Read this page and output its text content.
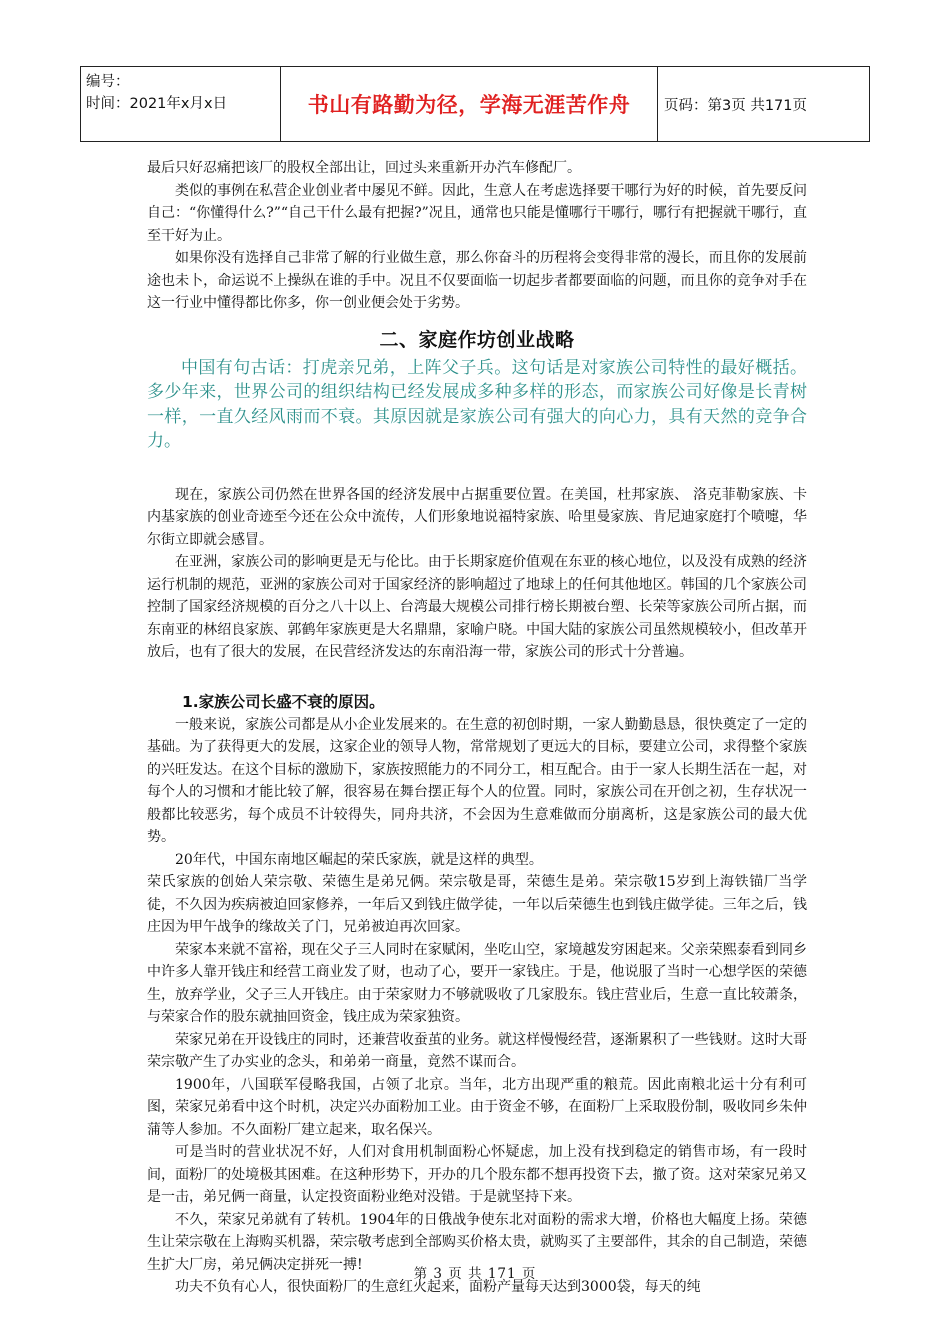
编号：
时间：2021年x月x日	书山有路勤为径，学海无涯苦作舟	页码：第3页 共171页

最后只好忍痛把该厂的股权全部出让，回过头来重新开办汽车修配厂。

类似的事例在私营企业创业者中屡见不鲜。因此，生意人在考虑选择要干哪行为好的时候，首先要反问自己：“你懂得什么?”“自己干什么最有把握?”况且，通常也只能是懂哪行干哪行，哪行有把握就干哪行，直至干好为止。

如果你没有选择自己非常了解的行业做生意，那么你奋斗的历程将会变得非常的漫长，而且你的发展前途也未卜，命运说不上操纵在谁的手中。况且不仅要面临一切起步者都要面临的问题，而且你的竞争对手在这一行业中懂得都比你多，你一创业便会处于劣势。

二、家庭作坊创业战略
中国有句古话：打虎亲兄弟，上阵父子兵。这句话是对家族公司特性的最好概括。多少年来，世界公司的组织结构已经发展成多种多样的形态，而家族公司好像是长青树一样，一直久经风雨而不衰。其原因就是家族公司有强大的向心力，具有天然的竞争合力。

现在，家族公司仍然在世界各国的经济发展中占据重要位置。在美国，杜邦家族、 洛克菲勒家族、卡内基家族的创业奇迹至今还在公众中流传，人们形象地说福特家族、哈里曼家族、肯尼迪家庭打个喷嚏，华尔街立即就会感冒。

在亚洲，家族公司的影响更是无与伦比。由于长期家庭价值观在东亚的核心地位，以及没有成熟的经济运行机制的规范，亚洲的家族公司对于国家经济的影响超过了地球上的任何其他地区。韩国的几个家族公司控制了国家经济规模的百分之八十以上、台湾最大规模公司排行榜长期被台塑、长荣等家族公司所占据，而东南亚的林绍良家族、郭鹤年家族更是大名鼎鼎，家喻户晓。中国大陆的家族公司虽然规模较小，但改革开放后，也有了很大的发展，在民营经济发达的东南沿海一带，家族公司的形式十分普遍。

1.家族公司长盛不衰的原因。

一般来说，家族公司都是从小企业发展来的。在生意的初创时期，一家人勤勤恳恳，很快奠定了一定的基础。为了获得更大的发展，这家企业的领导人物，常常规划了更远大的目标，要建立公司，求得整个家族的兴旺发达。在这个目标的激励下，家族按照能力的不同分工，相互配合。由于一家人长期生活在一起，对每个人的习惯和才能比较了解，很容易在舞台摆正每个人的位置。同时，家族公司在开创之初，生存状况一般都比较恶劣，每个成员不计较得失，同舟共济，不会因为生意难做而分崩离析，这是家族公司的最大优势。

20年代，中国东南地区崛起的荣氏家族，就是这样的典型。

荣氏家族的创始人荣宗敬、荣德生是弟兄俩。荣宗敬是哥，荣德生是弟。荣宗敬15岁到上海铁锚厂当学徒，不久因为疾病被迫回家修养，一年后又到钱庄做学徒，一年以后荣德生也到钱庄做学徒。三年之后，钱庄因为甲午战争的缘故关了门，兄弟被迫再次回家。

荣家本来就不富裕，现在父子三人同时在家赋闲，坐吃山空，家境越发穷困起来。父亲荣熙泰看到同乡中许多人靠开钱庄和经营工商业发了财，也动了心，要开一家钱庄。于是，他说服了当时一心想学医的荣德生，放弃学业，父子三人开钱庄。由于荣家财力不够就吸收了几家股东。钱庄营业后，生意一直比较萧条，与荣家合作的股东就抽回资金，钱庄成为荣家独资。

荣家兄弟在开设钱庄的同时，还兼营收蚕茧的业务。就这样慢慢经营，逐渐累积了一些钱财。这时大哥荣宗敬产生了办实业的念头，和弟弟一商量，竟然不谋而合。

1900年，八国联军侵略我国，占领了北京。当年，北方出现严重的粮荒。因此南粮北运十分有利可图，荣家兄弟看中这个时机，决定兴办面粉加工业。由于资金不够，在面粉厂上采取股份制，吸收同乡朱仲蒲等人参加。不久面粉厂建立起来，取名保兴。

可是当时的营业状况不好，人们对食用机制面粉心怀疑虑，加上没有找到稳定的销售市场，有一段时间，面粉厂的处境极其困难。在这种形势下，开办的几个股东都不想再投资下去，撤了资。这对荣家兄弟又是一击，弟兄俩一商量，认定投资面粉业绝对没错。于是就坚持下来。

不久，荣家兄弟就有了转机。1904年的日俄战争使东北对面粉的需求大增，价格也大幅度上扬。荣德生让荣宗敬在上海购买机器，荣宗敬考虑到全部购买价格太贵，就购买了主要部件，其余的自己制造，荣德生扩大厂房，弟兄俩决定拼死一搏!

功夫不负有心人，很快面粉厂的生意红火起来，面粉产量每天达到3000袋，每天的纯

第 3 页 共 171 页
